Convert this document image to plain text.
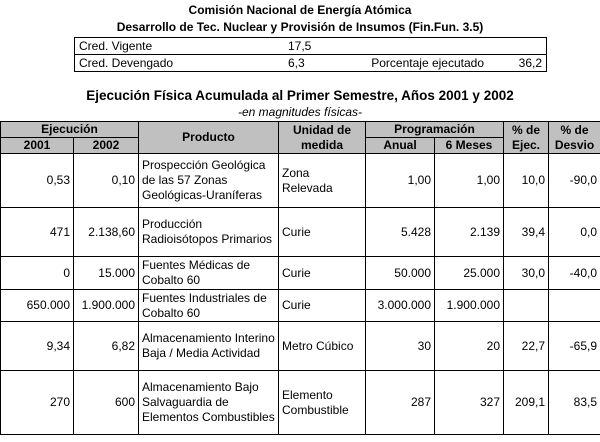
Comisión Nacional de Energía Atómica
Desarrollo de Tec. Nuclear y Provisión de Insumos (Fin.Fun. 3.5)
Cred. Vigente	17,5		
Cred. Devengado	6,3	Porcentaje ejecutado	36,2
Ejecución Física Acumulada al Primer Semestre, Años 2001 y 2002
-en magnitudes físicas-
Ejecución		Producto	Unidad de medida	Programación		% de Ejec.	% de Desvio
2001	2002			Anual	6 Meses		
0,53	0,10	Prospección Geológica de las 57 Zonas Geológicas-Uraníferas	Zona Relevada	1,00	1,00	10,0	-90,0
471	2.138,60	Producción Radioisótopos Primarios	Curie	5.428	2.139	39,4	0,0
0	15.000	Fuentes Médicas de Cobalto 60	Curie	50.000	25.000	30,0	-40,0
650.000	1.900.000	Fuentes Industriales de Cobalto 60	Curie	3.000.000	1.900.000		
9,34	6,82	Almacenamiento Interino Baja / Media Actividad	Metro Cúbico	30	20	22,7	-65,9
270	600	Almacenamiento Bajo Salvaguardia de Elementos Combustibles	Elemento Combustible	287	327	209,1	83,5
